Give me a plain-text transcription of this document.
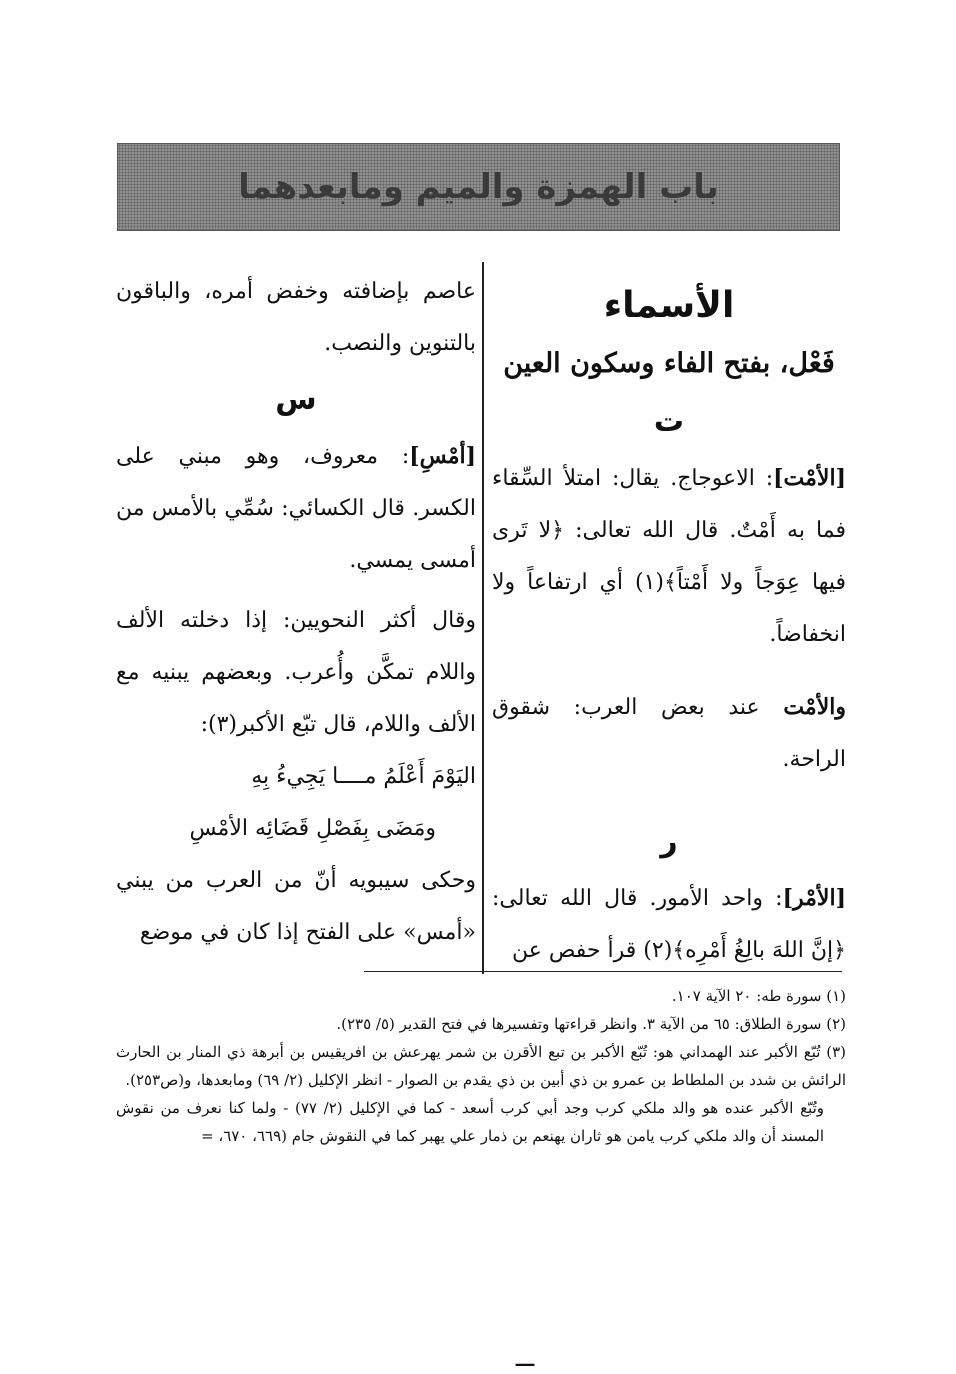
باب الهمزة والميم ومابعدهما

الأسماء

فَعْل، بفتح الفاء وسكون العين

ت

[الأمْت]: الاعوجاج. يقال: امتلأ السِّقاء فما به أَمْتٌ. قال الله تعالى: ﴿لا تَرى فيها عِوَجاً ولا أَمْتاً﴾(١) أي ارتفاعاً ولا انخفاضاً.

والأمْت عند بعض العرب: شقوق الراحة.

ر

[الأمْر]: واحد الأمور. قال الله تعالى: ﴿إنَّ اللهَ بالِغُ أَمْرِه﴾(٢) قرأ حفص عن

عاصم بإضافته وخفض أمره، والباقون بالتنوين والنصب.

س

[أمْسِ]: معروف، وهو مبني على الكسر. قال الكسائي: سُمِّي بالأمس من أمسى يمسي.

وقال أكثر النحويين: إذا دخلته الألف واللام تمكَّن وأُعرب. وبعضهم يبنيه مع الألف واللام، قال تبّع الأكبر(٣):

اليَوْمَ أَعْلَمُ مــــا يَجِيءُ بِهِ

ومَضَى بِفَصْلِ قَضَائِه الأمْسِ

وحكى سيبويه أنّ من العرب من يبني «أمس» على الفتح إذا كان في موضع

(١) سورة طه: ٢٠ الآية ١٠٧.

(٢) سورة الطلاق: ٦٥ من الآية ٣. وانظر قراءتها وتفسيرها في فتح القدير (٥/ ٢٣٥).

(٣) تُبّع الأكبر عند الهمداني هو: تُبّع الأكبر بن تبع الأقرن بن شمر يهرعش بن افريقيس بن أبرهة ذي المنار بن الحارث الرائش بن شدد بن الملطاط بن عمرو بن ذي أبين بن ذي يقدم بن الصوار - انظر الإكليل (٢/ ٦٩) ومابعدها، و(ص٢٥٣).

وتُبّع الأكبر عنده هو والد ملكي كرب وجد أبي كرب أسعد - كما في الإكليل (٢/ ٧٧) - ولما كنا نعرف من نقوش المسند أن والد ملكي كرب يامن هو ثاران يهنعم بن ذمار علي يهبر كما في النقوش جام (٦٦٩، ٦٧٠، =

ـــ
